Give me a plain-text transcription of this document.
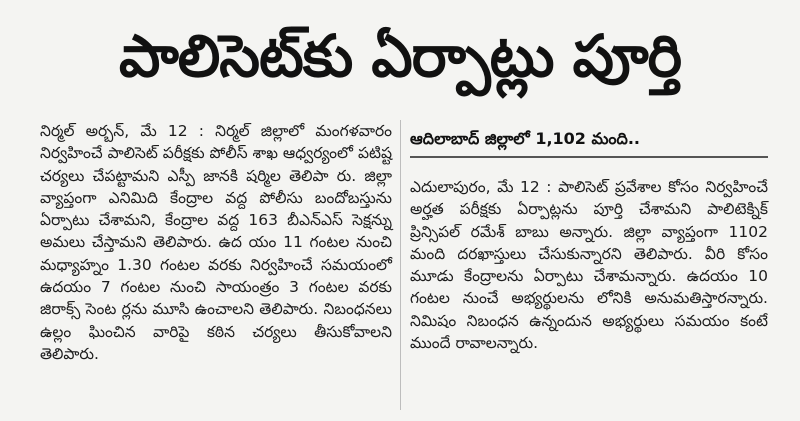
పాలిసెట్‌కు ఏర్పాట్లు పూర్తి
నిర్మల్ అర్బన్, మే 12 : నిర్మల్ జిల్లాలో మంగళవారం నిర్వహించే పాలిసెట్ పరీక్షకు పోలీస్ శాఖ ఆధ్వర్యంలో పటిష్ట చర్యలు చేపట్టామని ఎస్పీ జానకి షర్మిల తెలిపా రు. జిల్లా వ్యాప్తంగా ఎనిమిది కేంద్రాల వద్ద పోలీసు బందోబస్తును ఏర్పాటు చేశామని, కేంద్రాల వద్ద 163 బీఎన్ఎస్ సెక్షన్ను అమలు చేస్తామని తెలిపారు. ఉద యం 11 గంటల నుంచి మధ్యాహ్నం 1.30 గంటల వరకు నిర్వహించే సమయంలో ఉదయం 7 గంటల నుంచి సాయంత్రం 3 గంటల వరకు జిరాక్స్ సెంట ర్లను మూసి ఉంచాలని తెలిపారు. నిబంధనలు ఉల్లం ఘించిన వారిపై కఠిన చర్యలు తీసుకోవాలని తెలిపారు.
ఆదిలాబాద్ జిల్లాలో 1,102 మంది..
ఎదులాపురం, మే 12 : పాలిసెట్ ప్రవేశాల కోసం నిర్వహించే అర్హత పరీక్షకు ఏర్పాట్లను పూర్తి చేశామని పాలిటెక్నిక్ ప్రిన్సిపల్ రమేశ్ బాబు అన్నారు. జిల్లా వ్యాప్తంగా 1102 మంది దరఖాస్తులు చేసుకున్నారని తెలిపారు. వీరి కోసం మూడు కేంద్రాలను ఏర్పాటు చేశామన్నారు. ఉదయం 10 గంటల నుంచే అభ్యర్థులను లోనికి అనుమతిస్తారన్నారు. నిమిషం నిబంధన ఉన్నందున అభ్యర్థులు సమయం కంటే ముందే రావాలన్నారు.
